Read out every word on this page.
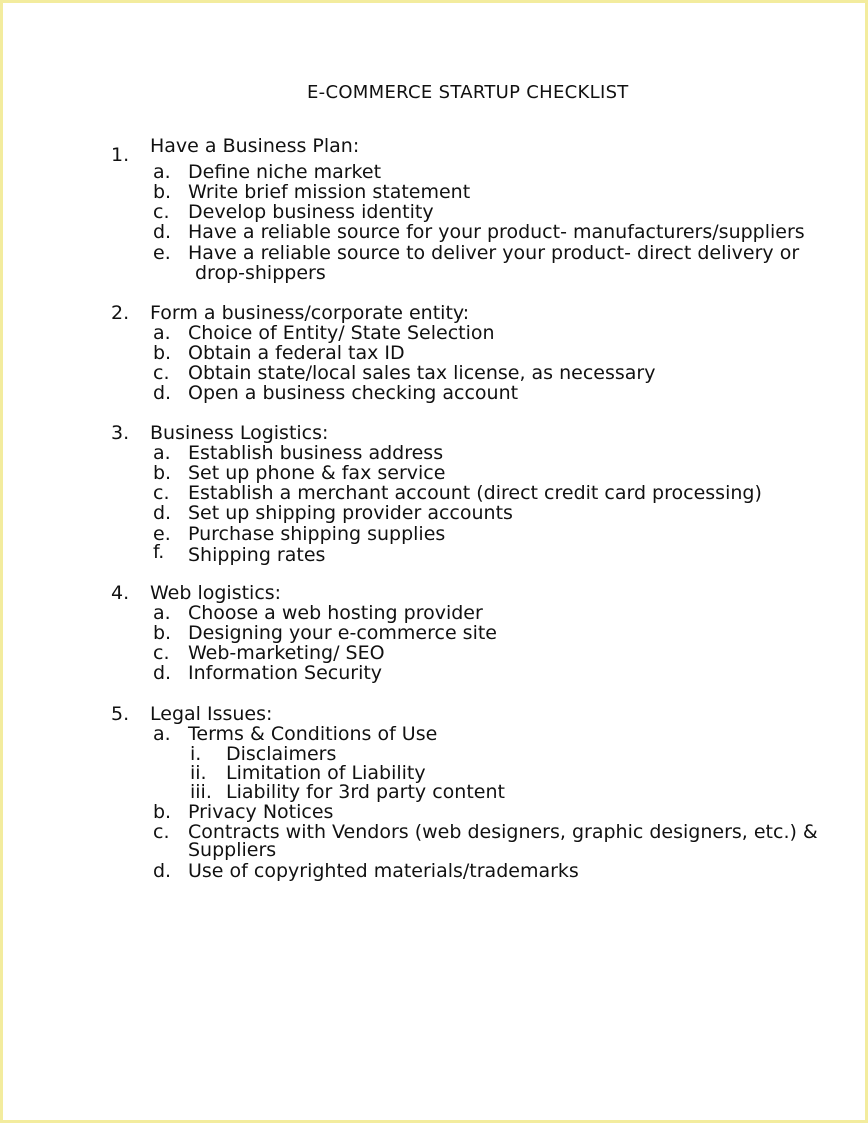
E-COMMERCE STARTUP CHECKLIST
1. Have a Business Plan:
a. Define niche market
b. Write brief mission statement
c. Develop business identity
d. Have a reliable source for your product- manufacturers/suppliers
e. Have a reliable source to deliver your product- direct delivery or
drop-shippers
2. Form a business/corporate entity:
a. Choice of Entity/ State Selection
b. Obtain a federal tax ID
c. Obtain state/local sales tax license, as necessary
d. Open a business checking account
3. Business Logistics:
a. Establish business address
b. Set up phone & fax service
c. Establish a merchant account (direct credit card processing)
d. Set up shipping provider accounts
e. Purchase shipping supplies
f. Shipping rates
4. Web logistics:
a. Choose a web hosting provider
b. Designing your e-commerce site
c. Web-marketing/ SEO
d. Information Security
5. Legal Issues:
a. Terms & Conditions of Use
i. Disclaimers
ii. Limitation of Liability
iii. Liability for 3rd party content
b. Privacy Notices
c. Contracts with Vendors (web designers, graphic designers, etc.) &
Suppliers
d. Use of copyrighted materials/trademarks
